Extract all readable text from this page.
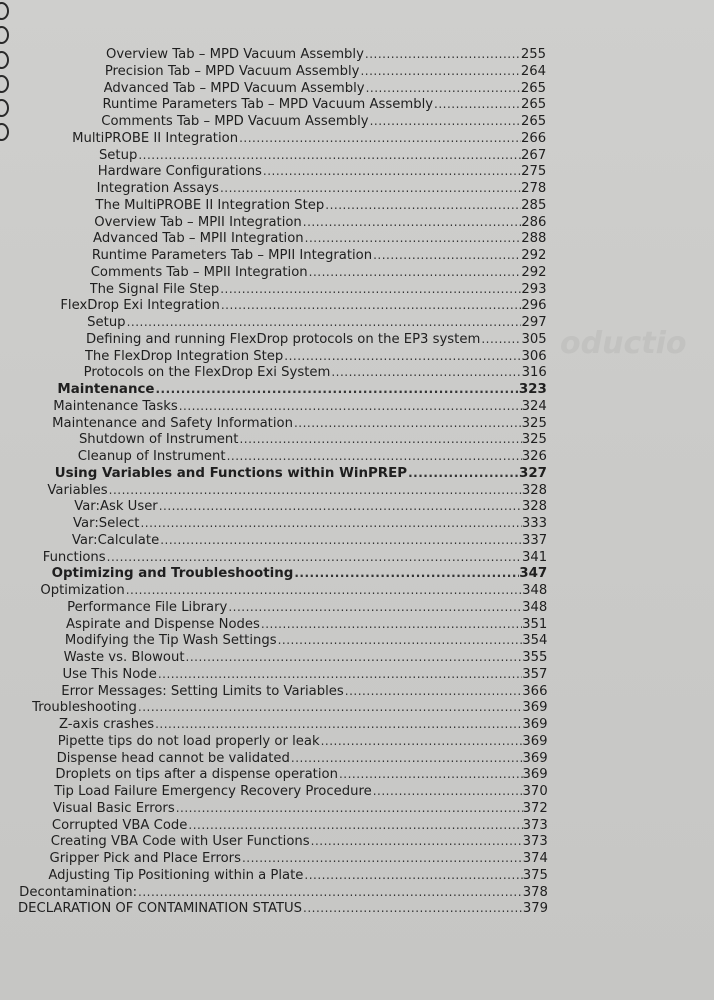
oductio
Overview Tab – MPD Vacuum Assembly .....	255
Precision Tab – MPD Vacuum Assembly .....	264
Advanced Tab – MPD Vacuum Assembly .....	265
Runtime Parameters Tab – MPD Vacuum Assembly .....	265
Comments Tab – MPD Vacuum Assembly .....	265
MultiPROBE II Integration .....	266
Setup .....	267
Hardware Configurations .....	275
Integration Assays .....	278
The MultiPROBE II Integration Step .....	285
Overview Tab – MPII Integration .....	286
Advanced Tab – MPII Integration .....	288
Runtime Parameters Tab – MPII Integration .....	292
Comments Tab – MPII Integration .....	292
The Signal File Step .....	293
FlexDrop Exi Integration .....	296
Setup .....	297
Defining and running FlexDrop protocols on the EP3 system .....	305
The FlexDrop Integration Step .....	306
Protocols on the FlexDrop Exi System .....	316
Maintenance .....	323
Maintenance Tasks .....	324
Maintenance and Safety Information .....	325
Shutdown of Instrument .....	325
Cleanup of Instrument .....	326
Using Variables and Functions within WinPREP .....	327
Variables .....	328
Var:Ask User .....	328
Var:Select .....	333
Var:Calculate .....	337
Functions .....	341
Optimizing and Troubleshooting .....	347
Optimization .....	348
Performance File Library .....	348
Aspirate and Dispense Nodes .....	351
Modifying the Tip Wash Settings .....	354
Waste vs. Blowout .....	355
Use This Node .....	357
Error Messages: Setting Limits to Variables .....	366
Troubleshooting .....	369
Z-axis crashes .....	369
Pipette tips do not load properly or leak .....	369
Dispense head cannot be validated .....	369
Droplets on tips after a dispense operation .....	369
Tip Load Failure Emergency Recovery Procedure .....	370
Visual Basic Errors .....	372
Corrupted VBA Code .....	373
Creating VBA Code with User Functions .....	373
Gripper Pick and Place Errors .....	374
Adjusting Tip Positioning within a Plate .....	375
Decontamination: .....	378
DECLARATION OF CONTAMINATION STATUS .....	379
